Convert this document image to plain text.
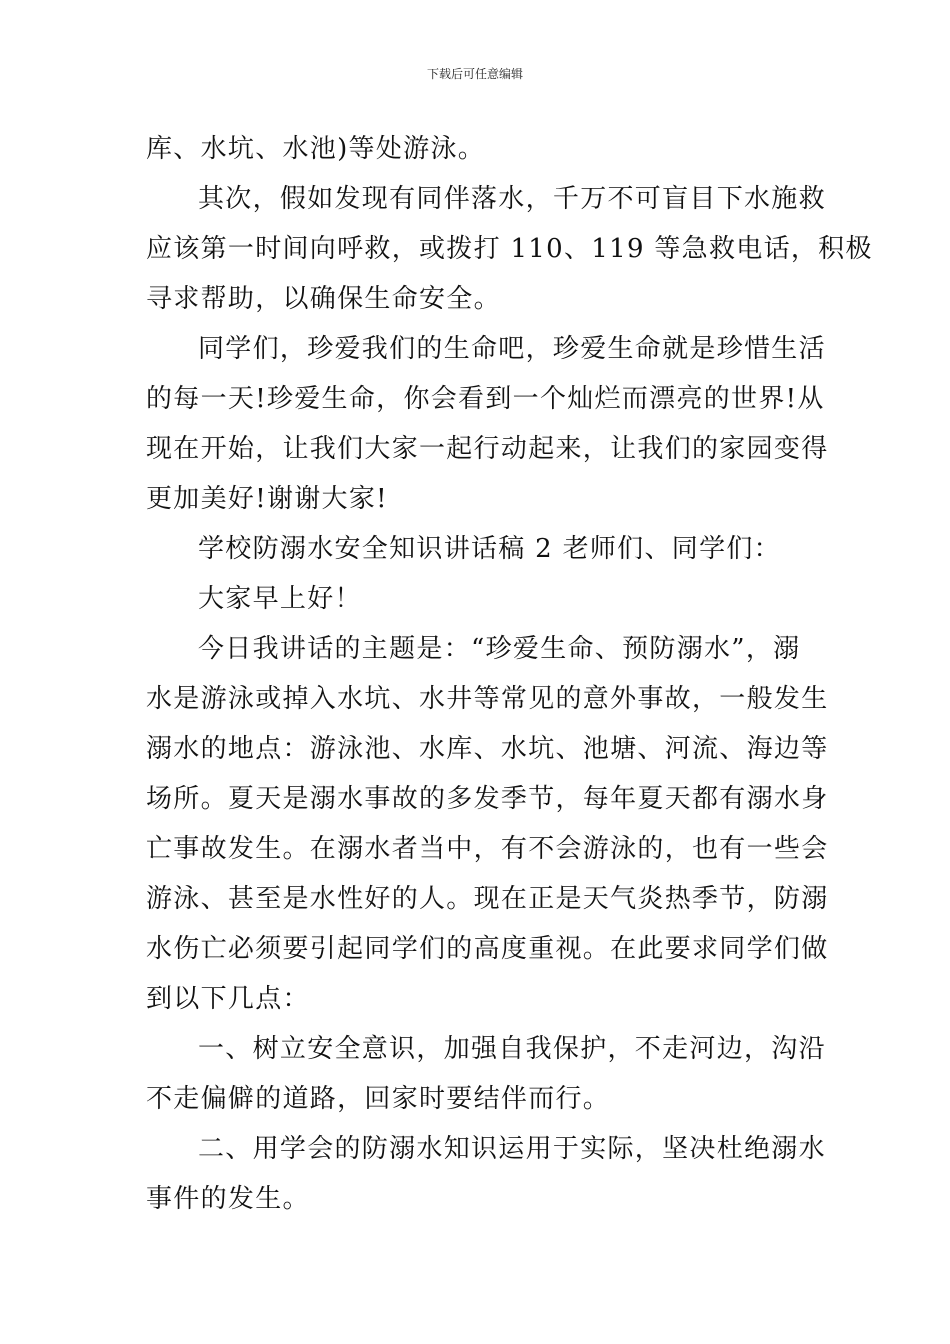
下载后可任意编辑
库、水坑、水池)等处游泳。
其次，假如发现有同伴落水，千万不可盲目下水施救
应该第一时间向呼救，或拨打 110、119 等急救电话，积极
寻求帮助，以确保生命安全。
同学们，珍爱我们的生命吧，珍爱生命就是珍惜生活
的每一天!珍爱生命，你会看到一个灿烂而漂亮的世界!从
现在开始，让我们大家一起行动起来，让我们的家园变得
更加美好!谢谢大家!
学校防溺水安全知识讲话稿 2 老师们、同学们：
大家早上好！
今日我讲话的主题是：“珍爱生命、预防溺水”，溺
水是游泳或掉入水坑、水井等常见的意外事故，一般发生
溺水的地点：游泳池、水库、水坑、池塘、河流、海边等
场所。夏天是溺水事故的多发季节，每年夏天都有溺水身
亡事故发生。在溺水者当中，有不会游泳的，也有一些会
游泳、甚至是水性好的人。现在正是天气炎热季节，防溺
水伤亡必须要引起同学们的高度重视。在此要求同学们做
到以下几点：
一、树立安全意识，加强自我保护，不走河边，沟沿
不走偏僻的道路，回家时要结伴而行。
二、用学会的防溺水知识运用于实际，坚决杜绝溺水
事件的发生。
